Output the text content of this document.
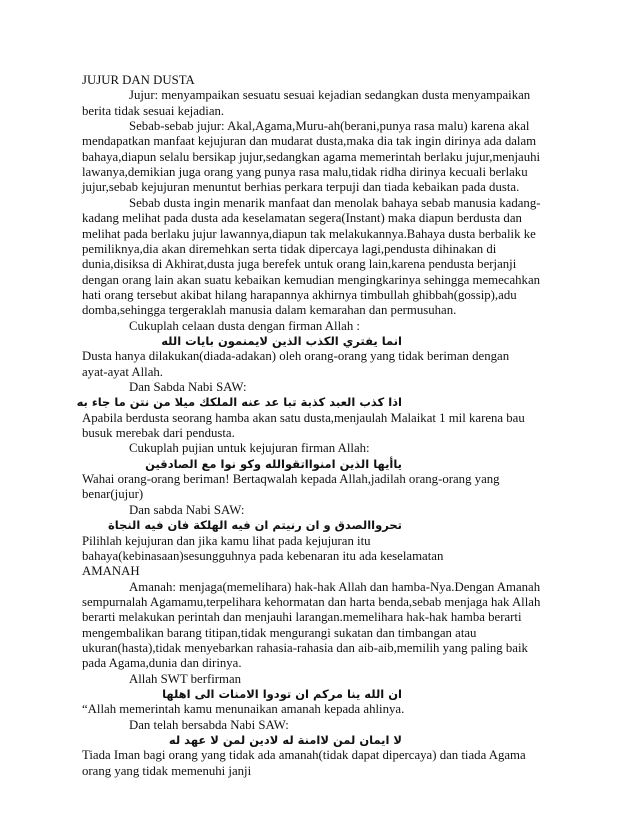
JUJUR DAN DUSTA
Jujur: menyampaikan sesuatu sesuai kejadian sedangkan dusta menyampaikan
berita tidak sesuai kejadian.
Sebab-sebab jujur: Akal,Agama,Muru-ah(berani,punya rasa malu) karena akal
mendapatkan manfaat kejujuran dan mudarat dusta,maka dia tak ingin dirinya ada dalam
bahaya,diapun selalu bersikap jujur,sedangkan agama memerintah berlaku jujur,menjauhi
lawanya,demikian juga orang yang punya rasa malu,tidak ridha dirinya kecuali berlaku
jujur,sebab kejujuran menuntut berhias perkara terpuji dan tiada kebaikan pada dusta.
Sebab dusta ingin menarik manfaat dan menolak bahaya sebab manusia kadang-
kadang melihat pada dusta ada keselamatan segera(Instant) maka diapun berdusta dan
melihat pada berlaku jujur lawannya,diapun tak melakukannya.Bahaya dusta berbalik ke
pemiliknya,dia akan diremehkan serta tidak dipercaya lagi,pendusta dihinakan di
dunia,disiksa di Akhirat,dusta juga berefek untuk orang lain,karena pendusta berjanji
dengan orang lain akan suatu kebaikan kemudian mengingkarinya sehingga memecahkan
hati orang tersebut akibat hilang harapannya akhirnya timbullah ghibbah(gossip),adu
domba,sehingga tergeraklah manusia dalam kemarahan dan permusuhan.
Cukuplah celaan dusta dengan firman Allah :
انما يفتري الكذب الذين لايمنمون بايات الله
Dusta hanya dilakukan(diada-adakan) oleh orang-orang yang tidak beriman dengan
ayat-ayat Allah.
Dan Sabda Nabi SAW:
اذا كذب العبد كذبة تبا عد عنه الملكك ميلا من نتن ما جاء به
Apabila berdusta seorang hamba akan satu dusta,menjaulah Malaikat 1 mil karena bau
busuk merebak dari pendusta.
Cukuplah pujian untuk kejujuran firman Allah:
ياأيها الذين امنوااتقوالله وكو نوا مع الصادقين
Wahai orang-orang beriman! Bertaqwalah kepada Allah,jadilah orang-orang yang
benar(jujur)
Dan sabda Nabi SAW:
تحرواالصدق و ان رنيتم ان فيه الهلكة فان فيه النجاة
Pilihlah kejujuran dan jika kamu lihat pada kejujuran itu
bahaya(kebinasaan)sesungguhnya pada kebenaran itu ada keselamatan
AMANAH
Amanah: menjaga(memelihara) hak-hak Allah dan hamba-Nya.Dengan Amanah
sempurnalah Agamamu,terpelihara kehormatan dan harta benda,sebab menjaga hak Allah
berarti melakukan perintah dan menjauhi larangan.memelihara hak-hak hamba berarti
mengembalikan barang titipan,tidak mengurangi sukatan dan timbangan atau
ukuran(hasta),tidak menyebarkan rahasia-rahasia dan aib-aib,memilih yang paling baik
pada Agama,dunia dan dirinya.
Allah SWT berfirman
ان الله ينا مركم ان تودوا الامنات الى اهلها
“Allah memerintah kamu menunaikan amanah kepada ahlinya.
Dan telah bersabda Nabi SAW:
لا ايمان لمن لاامنة له لادين لمن لا عهد له
Tiada Iman bagi orang yang tidak ada amanah(tidak dapat dipercaya) dan tiada Agama
orang yang tidak memenuhi janji
